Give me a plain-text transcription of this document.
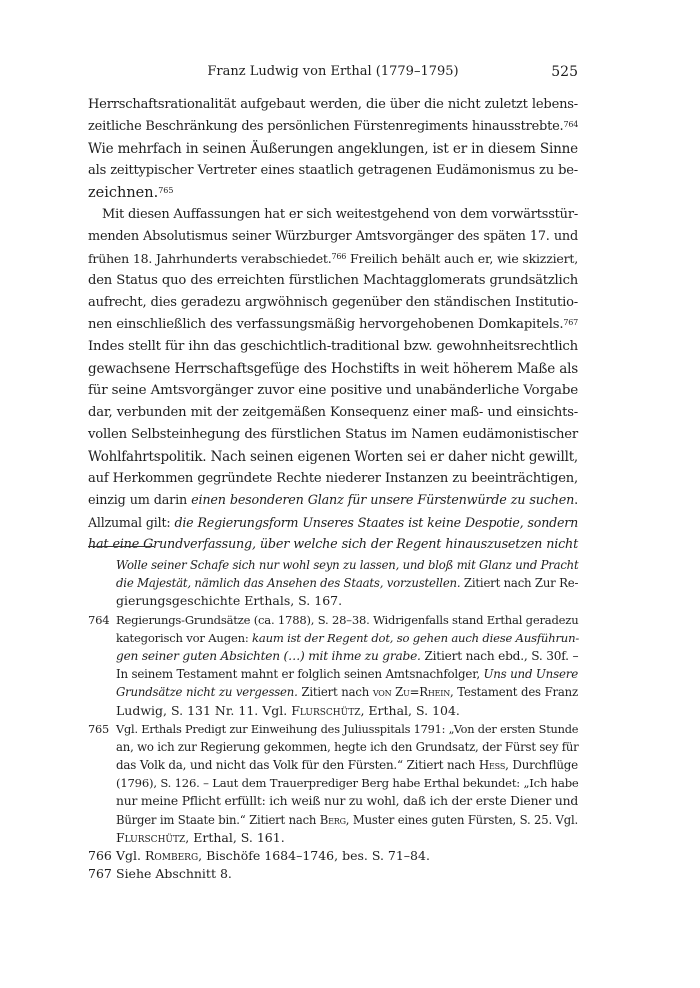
Franz Ludwig von Erthal (1779–1795)	525
Herrschaftsrationalität aufgebaut werden, die über die nicht zuletzt lebens-
zeitliche Beschränkung des persönlichen Fürstenregiments hinausstrebte.$^{764}$
Wie mehrfach in seinen Äußerungen angeklungen, ist er in diesem Sinne
als zeittypischer Vertreter eines staatlich getragenen Eudämonismus zu be-
zeichnen.$^{765}$
Mit diesen Auffassungen hat er sich weitestgehend von dem vorwärtsstür-
menden Absolutismus seiner Würzburger Amtsvorgänger des späten 17. und
frühen 18. Jahrhunderts verabschiedet.$^{766}$ Freilich behält auch er, wie skizziert,
den Status quo des erreichten fürstlichen Machtagglomerats grundsätzlich
aufrecht, dies geradezu argwöhnisch gegenüber den ständischen Institutio-
nen einschließlich des verfassungsmäßig hervorgehobenen Domkapitels.$^{767}$
Indes stellt für ihn das geschichtlich-traditional bzw. gewohnheitsrechtlich
gewachsene Herrschaftsgefüge des Hochstifts in weit höherem Maße als
für seine Amtsvorgänger zuvor eine positive und unabänderliche Vorgabe
dar, verbunden mit der zeitgemäßen Konsequenz einer maß- und einsichts-
vollen Selbsteinhegung des fürstlichen Status im Namen eudämonistischer
Wohlfahrtspolitik. Nach seinen eigenen Worten sei er daher nicht gewillt,
auf Herkommen gegründete Rechte niederer Instanzen zu beeinträchtigen,
einzig um darin einen besonderen Glanz für unsere Fürstenwürde zu suchen.
Allzumal gilt: die Regierungsform Unseres Staates ist keine Despotie, sondern
hat eine Grundverfassung, über welche sich der Regent hinauszusetzen nicht
Wolle seiner Schafe sich nur wohl seyn zu lassen, und bloß mit Glanz und Pracht
die Majestät, nämlich das Ansehen des Staats, vorzustellen. Zitiert nach Zur Re-
gierungsgeschichte Erthals, S. 167.
764 Regierungs-Grundsätze (ca. 1788), S. 28–38. Widrigenfalls stand Erthal geradezu
kategorisch vor Augen: kaum ist der Regent dot, so gehen auch diese Ausführun-
gen seiner guten Absichten (…) mit ihme zu grabe. Zitiert nach ebd., S. 30f. –
In seinem Testament mahnt er folglich seinen Amtsnachfolger, Uns und Unsere
Grundsätze nicht zu vergessen. Zitiert nach von Zu=Rhein, Testament des Franz
Ludwig, S. 131 Nr. 11. Vgl. Flurschütz, Erthal, S. 104.
765 Vgl. Erthals Predigt zur Einweihung des Juliusspitals 1791: „Von der ersten Stunde
an, wo ich zur Regierung gekommen, hegte ich den Grundsatz, der Fürst sey für
das Volk da, und nicht das Volk für den Fürsten.“ Zitiert nach Hess, Durchflüge
(1796), S. 126. – Laut dem Trauerprediger Berg habe Erthal bekundet: „Ich habe
nur meine Pflicht erfüllt: ich weiß nur zu wohl, daß ich der erste Diener und
Bürger im Staate bin.“ Zitiert nach Berg, Muster eines guten Fürsten, S. 25. Vgl.
Flurschütz, Erthal, S. 161.
766 Vgl. Romberg, Bischöfe 1684–1746, bes. S. 71–84.
767 Siehe Abschnitt 8.
